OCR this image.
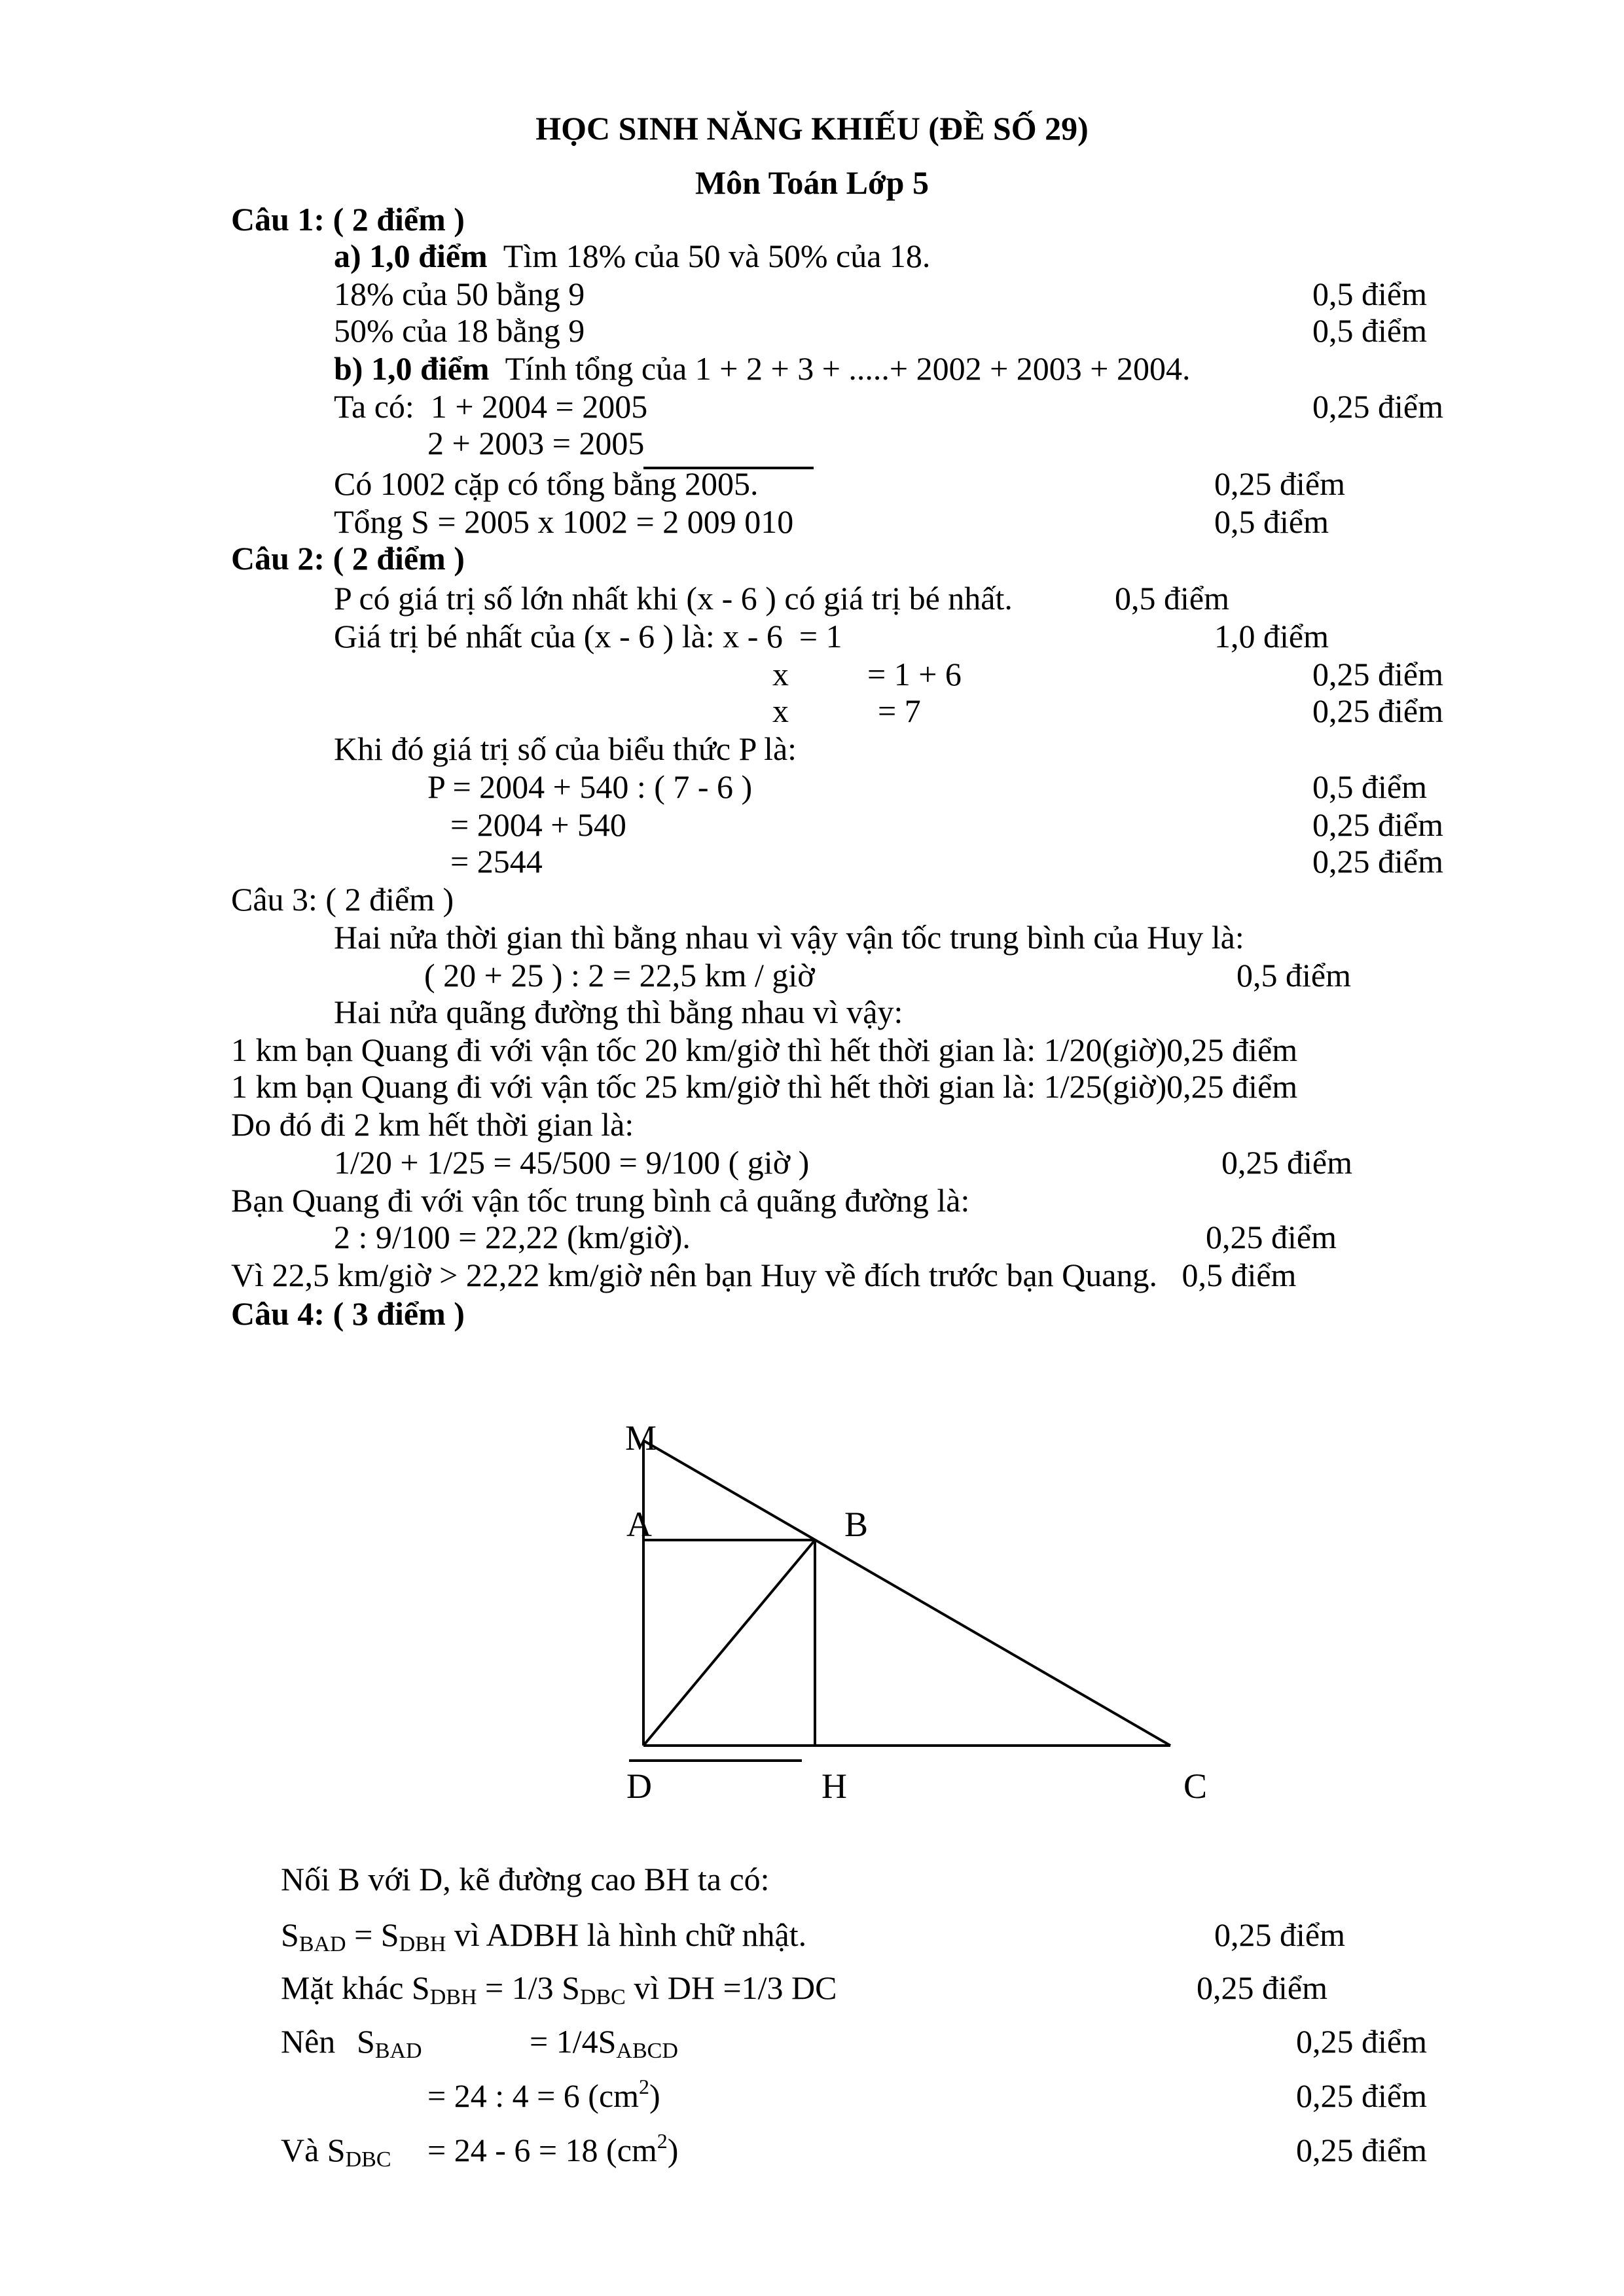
HỌC SINH NĂNG KHIẾU (ĐỀ SỐ 29)
Môn Toán Lớp 5
Câu 1: ( 2 điểm )
a) 1,0 điểm  Tìm 18% của 50 và 50% của 18.
18% của 50 bằng 9	0,5 điểm
50% của 18 bằng 9	0,5 điểm
b) 1,0 điểm  Tính tổng của 1 + 2 + 3 + .....+ 2002 + 2003 + 2004.
Ta có:  1 + 2004 = 2005	0,25 điểm
2 + 2003 = 2005
Có 1002 cặp có tổng bằng 2005.	0,25 điểm
Tổng S = 2005 x 1002 = 2 009 010	0,5 điểm
Câu 2: ( 2 điểm )
P có giá trị số lớn nhất khi (x - 6 ) có giá trị bé nhất.	0,5 điểm
Giá trị bé nhất của (x - 6 ) là: x - 6  = 1	1,0 điểm
x = 1 + 6	0,25 điểm
x	= 7	0,25 điểm
Khi đó giá trị số của biểu thức P là:
P = 2004 + 540 : ( 7 - 6 )	0,5 điểm
= 2004 + 540	0,25 điểm
= 2544	0,25 điểm
Câu 3: ( 2 điểm )
Hai nửa thời gian thì bằng nhau vì vậy vận tốc trung bình của Huy là:
( 20 + 25 ) : 2 = 22,5 km / giờ	0,5 điểm
Hai nửa quãng đường thì bằng nhau vì vậy:
1 km bạn Quang đi với vận tốc 20 km/giờ thì hết thời gian là: 1/20(giờ)0,25 điểm
1 km bạn Quang đi với vận tốc 25 km/giờ thì hết thời gian là: 1/25(giờ)0,25 điểm
Do đó đi 2 km hết thời gian là:
1/20 + 1/25 = 45/500 = 9/100 ( giờ )	0,25 điểm
Bạn Quang đi với vận tốc trung bình cả quãng đường là:
2 : 9/100 = 22,22 (km/giờ).	0,25 điểm
Vì 22,5 km/giờ > 22,22 km/giờ nên bạn Huy về đích trước bạn Quang.   0,5 điểm
Câu 4: ( 3 điểm )
M
A	B
D	H	C
Nối B với D, kẽ đường cao BH ta có:
$S_{BAD} = S_{DBH}$ vì ADBH là hình chữ nhật.	0,25 điểm
Mặt khác $S_{DBH} = 1/3$ $S_{DBC}$ vì DH =1/3 DC	0,25 điểm
Nên $S_{BAD}$	= $1/4S_{ABCD}$	0,25 điểm
= 24 : 4 = 6 $(cm^2)$	0,25 điểm
Và $S_{DBC} = 24 - 6 = 18$ $(cm^2)$	0,25 điểm
